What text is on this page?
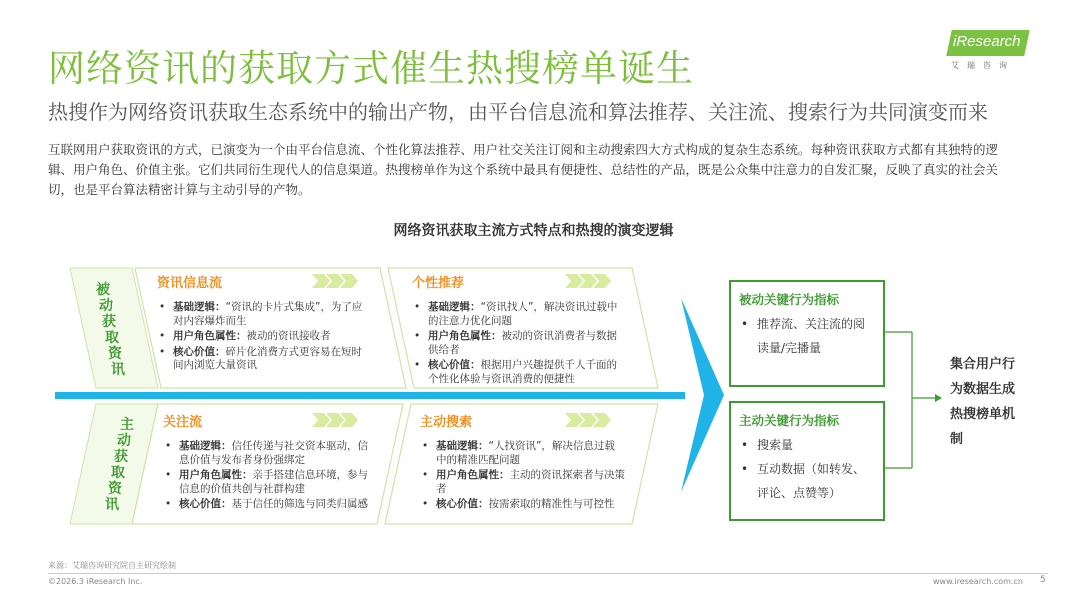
网络资讯的获取方式催生热搜榜单诞生
热搜作为网络资讯获取生态系统中的输出产物，由平台信息流和算法推荐、关注流、搜索行为共同演变而来
iResearch
艾瑞咨询
互联网用户获取资讯的方式，已演变为一个由平台信息流、个性化算法推荐、用户社交关注订阅和主动搜索四大方式构成的复杂生态系统。每种资讯获取方式都有其独特的逻辑、用户角色、价值主张。它们共同衍生现代人的信息渠道。热搜榜单作为这个系统中最具有便捷性、总结性的产品，既是公众集中注意力的自发汇聚，反映了真实的社会关切，也是平台算法精密计算与主动引导的产物。
网络资讯获取主流方式特点和热搜的演变逻辑
被
动
获
取
资
讯
主
动
获
取
资
讯
资讯信息流
• 基础逻辑：“资讯的卡片式集成”，为了应对内容爆炸而生
• 用户角色属性：被动的资讯接收者
• 核心价值：碎片化消费方式更容易在短时间内浏览大量资讯
个性推荐
• 基础逻辑：“资讯找人”，解决资讯过载中的注意力优化问题
• 用户角色属性：被动的资讯消费者与数据供给者
• 核心价值：根据用户兴趣提供千人千面的个性化体验与资讯消费的便捷性
关注流
• 基础逻辑：信任传递与社交资本驱动，信息价值与发布者身份强绑定
• 用户角色属性：亲手搭建信息环境，参与信息的价值共创与社群构建
• 核心价值：基于信任的筛选与同类归属感
主动搜索
• 基础逻辑：“人找资讯”，解决信息过载中的精准匹配问题
• 用户角色属性：主动的资讯探索者与决策者
• 核心价值：按需索取的精准性与可控性
被动关键行为指标
• 推荐流、关注流的阅读量/完播量
主动关键行为指标
• 搜索量
• 互动数据（如转发、评论、点赞等）
集合用户行为数据生成热搜榜单机制
来源：艾瑞咨询研究院自主研究绘制
©2026.3 iResearch Inc.	www.iresearch.com.cn 5
